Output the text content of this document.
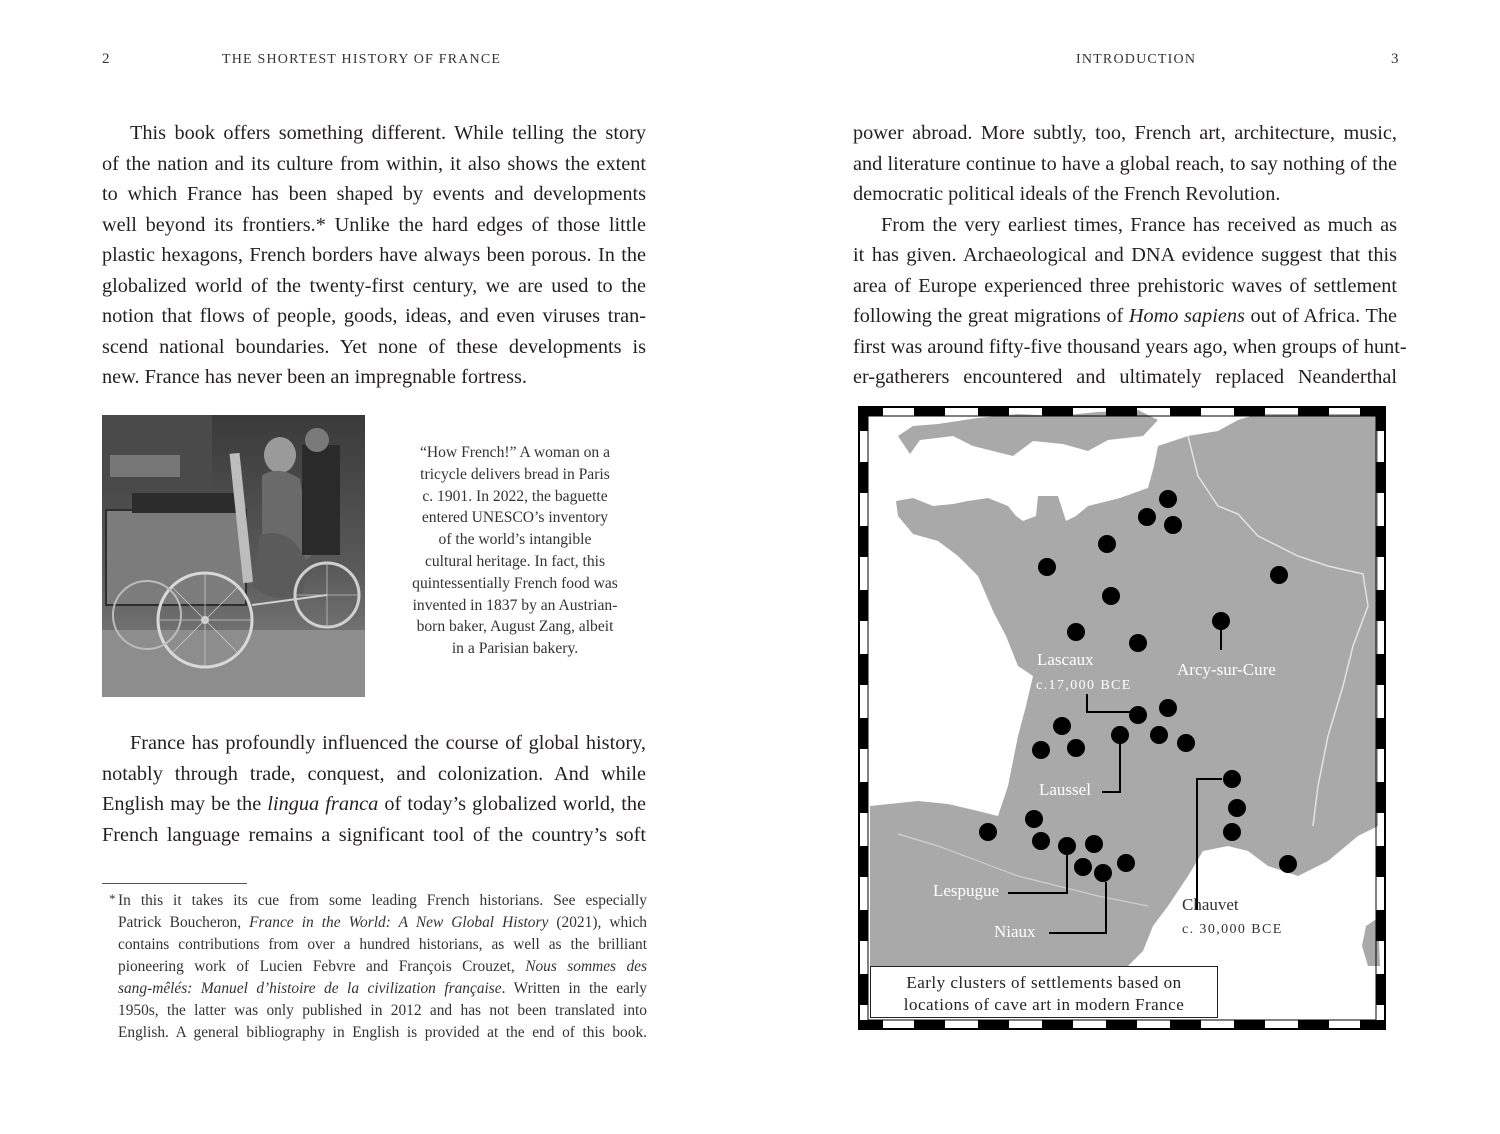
2	THE SHORTEST HISTORY OF FRANCE
This book offers something different. While telling the story
of the nation and its culture from within, it also shows the extent
to which France has been shaped by events and developments
well beyond its frontiers.* Unlike the hard edges of those little
plastic hexagons, French borders have always been porous. In the
globalized world of the twenty-first century, we are used to the
notion that flows of people, goods, ideas, and even viruses tran-
scend national boundaries. Yet none of these developments is
new. France has never been an impregnable fortress.
“How French!” A woman on a
tricycle delivers bread in Paris
c. 1901. In 2022, the baguette
entered UNESCO’s inventory
of the world’s intangible
cultural heritage. In fact, this
quintessentially French food was
invented in 1837 by an Austrian-
born baker, August Zang, albeit
in a Parisian bakery.
France has profoundly influenced the course of global history,
notably through trade, conquest, and colonization. And while
English may be the lingua franca of today’s globalized world, the
French language remains a significant tool of the country’s soft
* In this it takes its cue from some leading French historians. See especially
Patrick Boucheron, France in the World: A New Global History (2021), which
contains contributions from over a hundred historians, as well as the brilliant
pioneering work of Lucien Febvre and François Crouzet, Nous sommes des
sang-mêlés: Manuel d’histoire de la civilization française. Written in the early
1950s, the latter was only published in 2012 and has not been translated into
English. A general bibliography in English is provided at the end of this book.
INTRODUCTION	3
power abroad. More subtly, too, French art, architecture, music,
and literature continue to have a global reach, to say nothing of the
democratic political ideals of the French Revolution.
From the very earliest times, France has received as much as
it has given. Archaeological and DNA evidence suggest that this
area of Europe experienced three prehistoric waves of settlement
following the great migrations of Homo sapiens out of Africa. The
first was around fifty-five thousand years ago, when groups of hunt-
er-gatherers encountered and ultimately replaced Neanderthal
Lascaux
c.17,000 BCE
Arcy-sur-Cure
Laussel
Lespugue
Niaux
Chauvet
c. 30,000 BCE
Early clusters of settlements based on
locations of cave art in modern France
